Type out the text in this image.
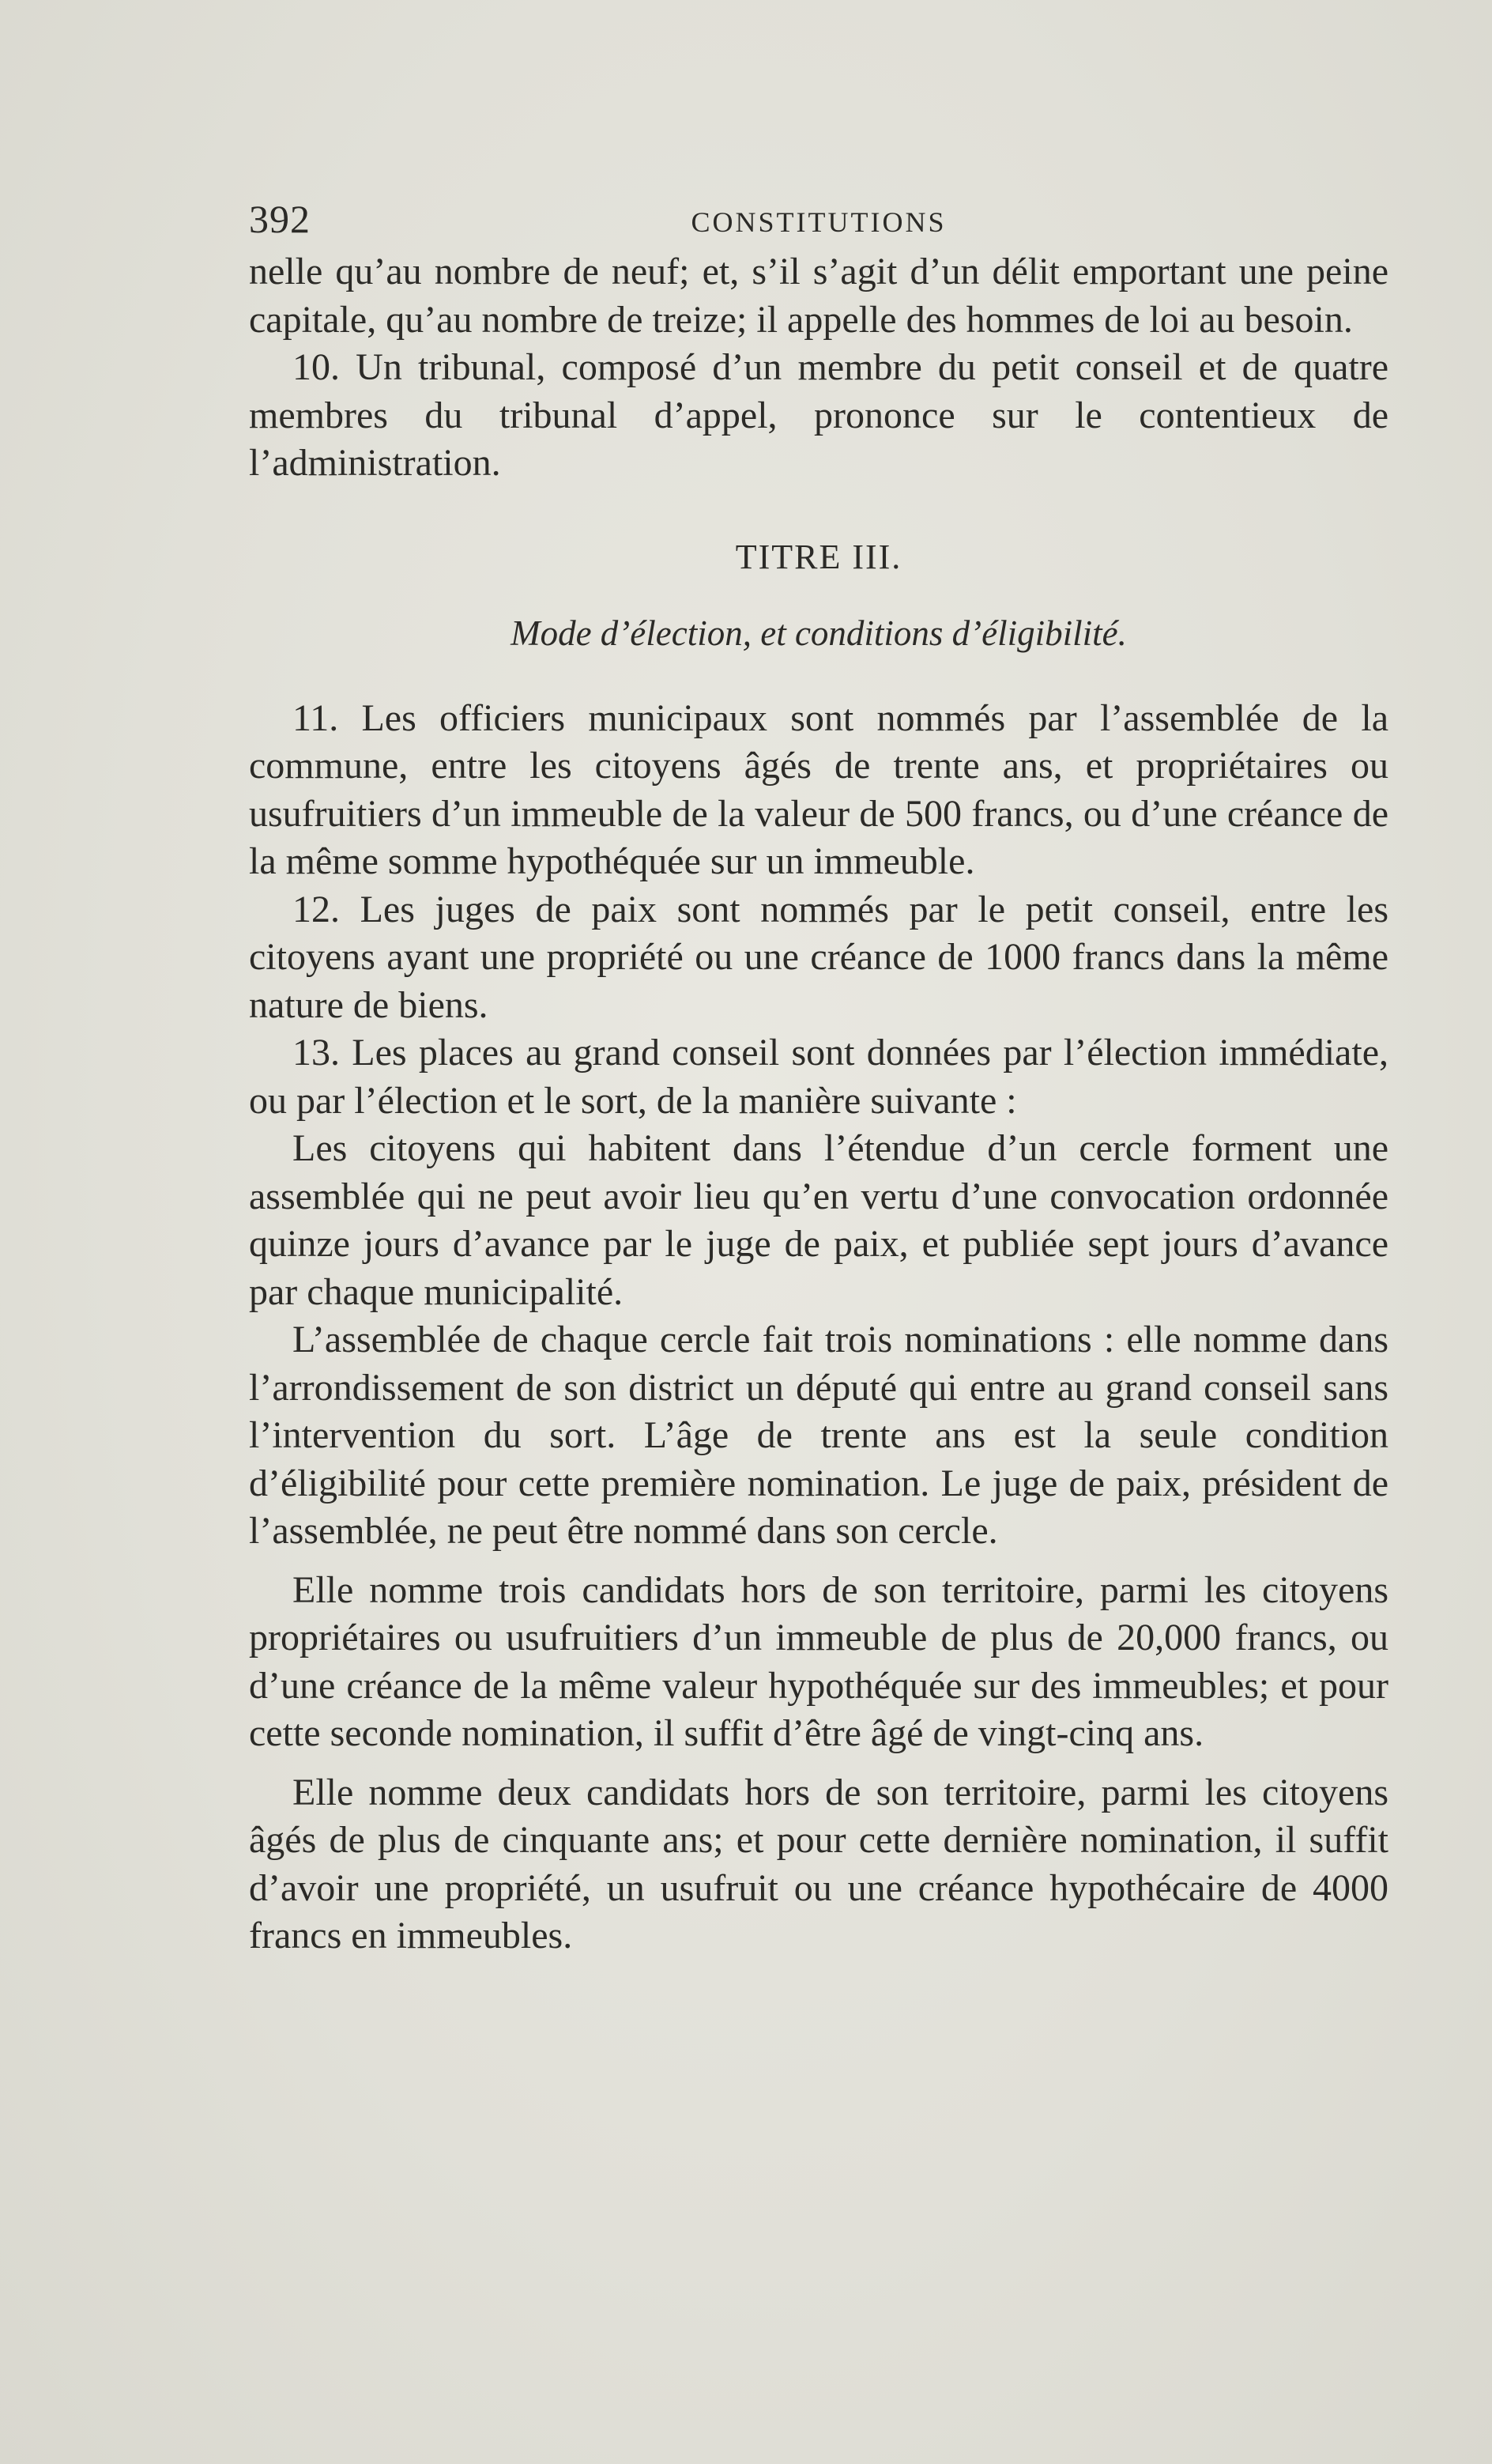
392	CONSTITUTIONS

nelle qu’au nombre de neuf; et, s’il s’agit d’un délit emportant une peine capitale, qu’au nombre de treize; il appelle des hommes de loi au besoin.

10. Un tribunal, composé d’un membre du petit conseil et de quatre membres du tribunal d’appel, prononce sur le contentieux de l’administration.

TITRE III.
Mode d’élection, et conditions d’éligibilité.

11. Les officiers municipaux sont nommés par l’assemblée de la commune, entre les citoyens âgés de trente ans, et propriétaires ou usufruitiers d’un immeuble de la valeur de 500 francs, ou d’une créance de la même somme hypothéquée sur un immeuble.

12. Les juges de paix sont nommés par le petit conseil, entre les citoyens ayant une propriété ou une créance de 1000 francs dans la même nature de biens.

13. Les places au grand conseil sont données par l’élection immédiate, ou par l’élection et le sort, de la manière suivante :

Les citoyens qui habitent dans l’étendue d’un cercle forment une assemblée qui ne peut avoir lieu qu’en vertu d’une convocation ordonnée quinze jours d’avance par le juge de paix, et publiée sept jours d’avance par chaque municipalité.

L’assemblée de chaque cercle fait trois nominations : elle nomme dans l’arrondissement de son district un député qui entre au grand conseil sans l’intervention du sort. L’âge de trente ans est la seule condition d’éligibilité pour cette première nomination. Le juge de paix, président de l’assemblée, ne peut être nommé dans son cercle.

Elle nomme trois candidats hors de son territoire, parmi les citoyens propriétaires ou usufruitiers d’un immeuble de plus de 20,000 francs, ou d’une créance de la même valeur hypothéquée sur des immeubles; et pour cette seconde nomination, il suffit d’être âgé de vingt-cinq ans.

Elle nomme deux candidats hors de son territoire, parmi les citoyens âgés de plus de cinquante ans; et pour cette dernière nomination, il suffit d’avoir une propriété, un usufruit ou une créance hypothécaire de 4000 francs en immeubles.
